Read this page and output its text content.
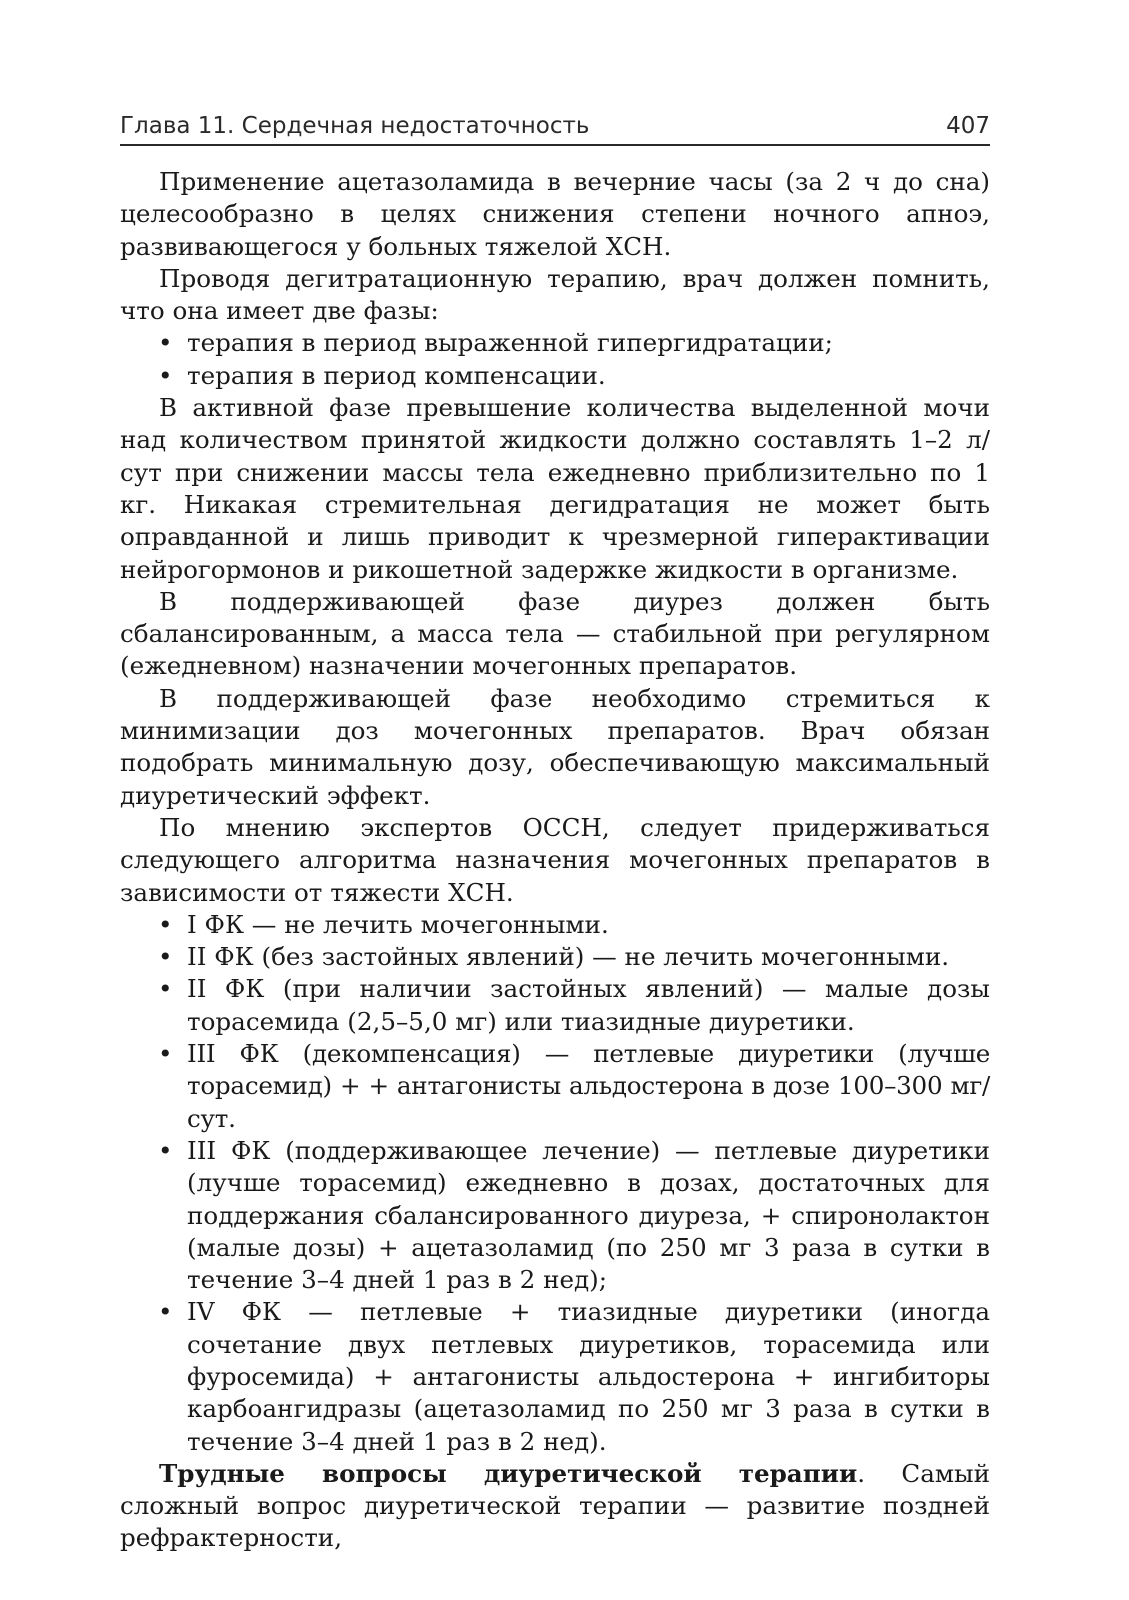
Глава 11. Сердечная недостаточность	407

Применение ацетазоламида в вечерние часы (за 2 ч до сна) целесообразно в целях снижения степени ночного апноэ, развивающегося у больных тяжелой ХСН.

Проводя дегитратационную терапию, врач должен помнить, что она имеет две фазы:

• терапия в период выраженной гипергидратации;
• терапия в период компенсации.

В активной фазе превышение количества выделенной мочи над количеством принятой жидкости должно составлять 1–2 л/сут при снижении массы тела ежедневно приблизительно по 1 кг. Никакая стремительная дегидратация не может быть оправданной и лишь приводит к чрезмерной гиперактивации нейрогормонов и рикошетной задержке жидкости в организме.

В поддерживающей фазе диурез должен быть сбалансированным, а масса тела — стабильной при регулярном (ежедневном) назначении мочегонных препаратов.

В поддерживающей фазе необходимо стремиться к минимизации доз мочегонных препаратов. Врач обязан подобрать минимальную дозу, обеспечивающую максимальный диуретический эффект.

По мнению экспертов ОССН, следует придерживаться следующего алгоритма назначения мочегонных препаратов в зависимости от тяжести ХСН.

• I ФК — не лечить мочегонными.
• II ФК (без застойных явлений) — не лечить мочегонными.
• II ФК (при наличии застойных явлений) — малые дозы торасемида (2,5–5,0 мг) или тиазидные диуретики.
• III ФК (декомпенсация) — петлевые диуретики (лучше торасемид) + + антагонисты альдостерона в дозе 100–300 мг/сут.
• III ФК (поддерживающее лечение) — петлевые диуретики (лучше торасемид) ежедневно в дозах, достаточных для поддержания сбалансированного диуреза, + спиронолактон (малые дозы) + ацетазоламид (по 250 мг 3 раза в сутки в течение 3–4 дней 1 раз в 2 нед);
• IV ФК — петлевые + тиазидные диуретики (иногда сочетание двух петлевых диуретиков, торасемида или фуросемида) + антагонисты альдостерона + ингибиторы карбоангидразы (ацетазоламид по 250 мг 3 раза в сутки в течение 3–4 дней 1 раз в 2 нед).

Трудные вопросы диуретической терапии. Самый сложный вопрос диуретической терапии — развитие поздней рефрактерности,
